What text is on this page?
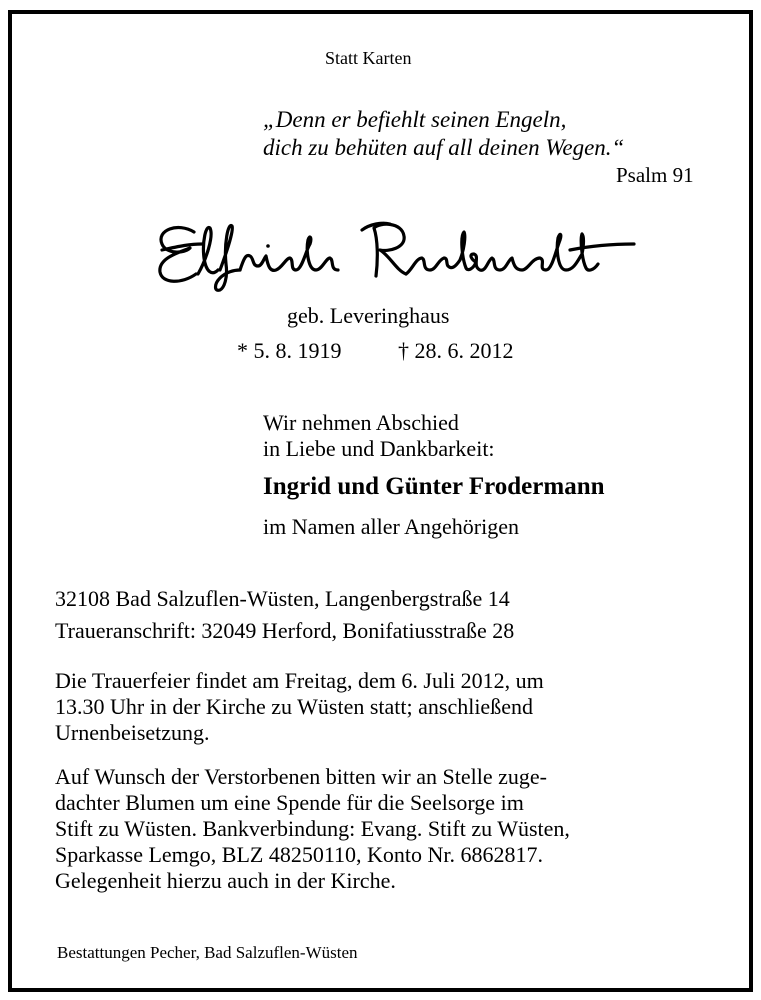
Statt Karten
„Denn er befiehlt seinen Engeln,
dich zu behüten auf all deinen Wegen.“
Psalm 91
geb. Leveringhaus
* 5. 8. 1919	† 28. 6. 2012
Wir nehmen Abschied
in Liebe und Dankbarkeit:
Ingrid und Günter Frodermann
im Namen aller Angehörigen
32108 Bad Salzuflen-Wüsten, Langenbergstraße 14
Traueranschrift: 32049 Herford, Bonifatiusstraße 28
Die Trauerfeier findet am Freitag, dem 6. Juli 2012, um
13.30 Uhr in der Kirche zu Wüsten statt; anschließend
Urnenbeisetzung.
Auf Wunsch der Verstorbenen bitten wir an Stelle zuge-
dachter Blumen um eine Spende für die Seelsorge im
Stift zu Wüsten. Bankverbindung: Evang. Stift zu Wüsten,
Sparkasse Lemgo, BLZ 48250110, Konto Nr. 6862817.
Gelegenheit hierzu auch in der Kirche.
Bestattungen Pecher, Bad Salzuflen-Wüsten
